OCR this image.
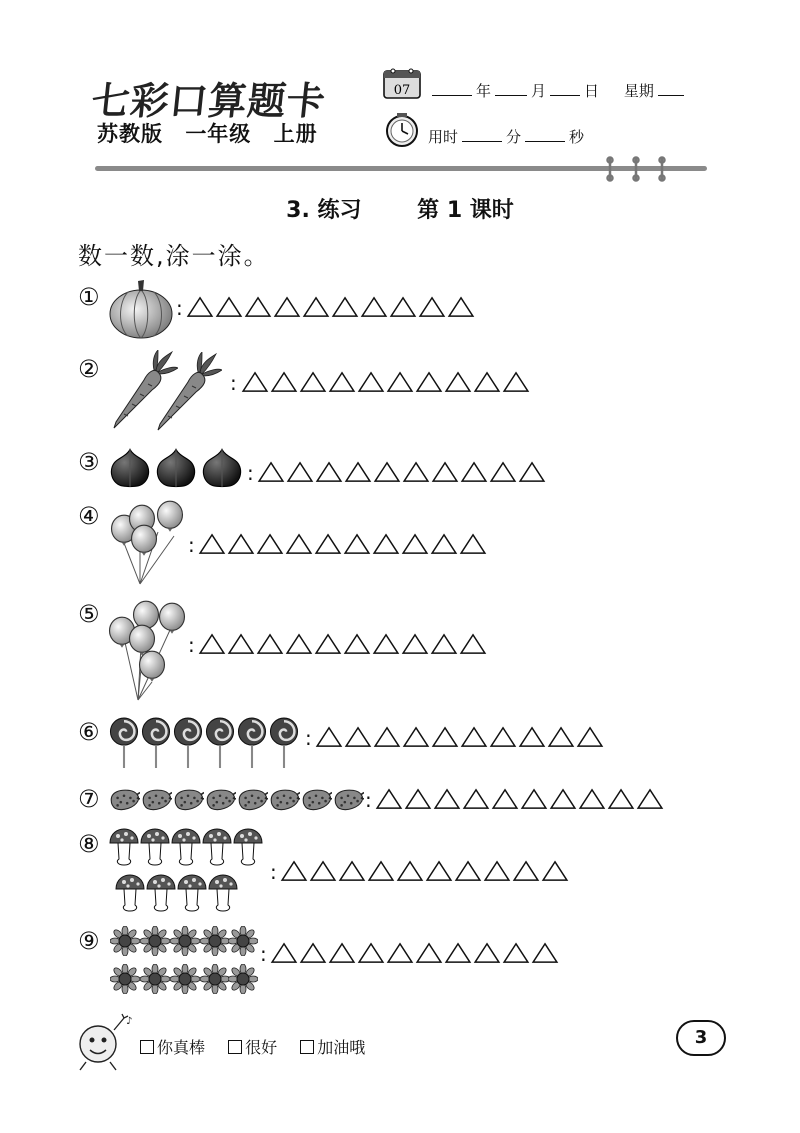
七彩口算题卡
苏教版 一年级 上册
07	年	月	日 星期
用时	分	秒
3. 练习	第 1 课时
数一数,涂一涂。
①	:
②	:
③	:
④
:
⑤
:
⑥	:
⑦	:
⑧
:
⑨	:
♪
你真棒	很好	加油哦	3
